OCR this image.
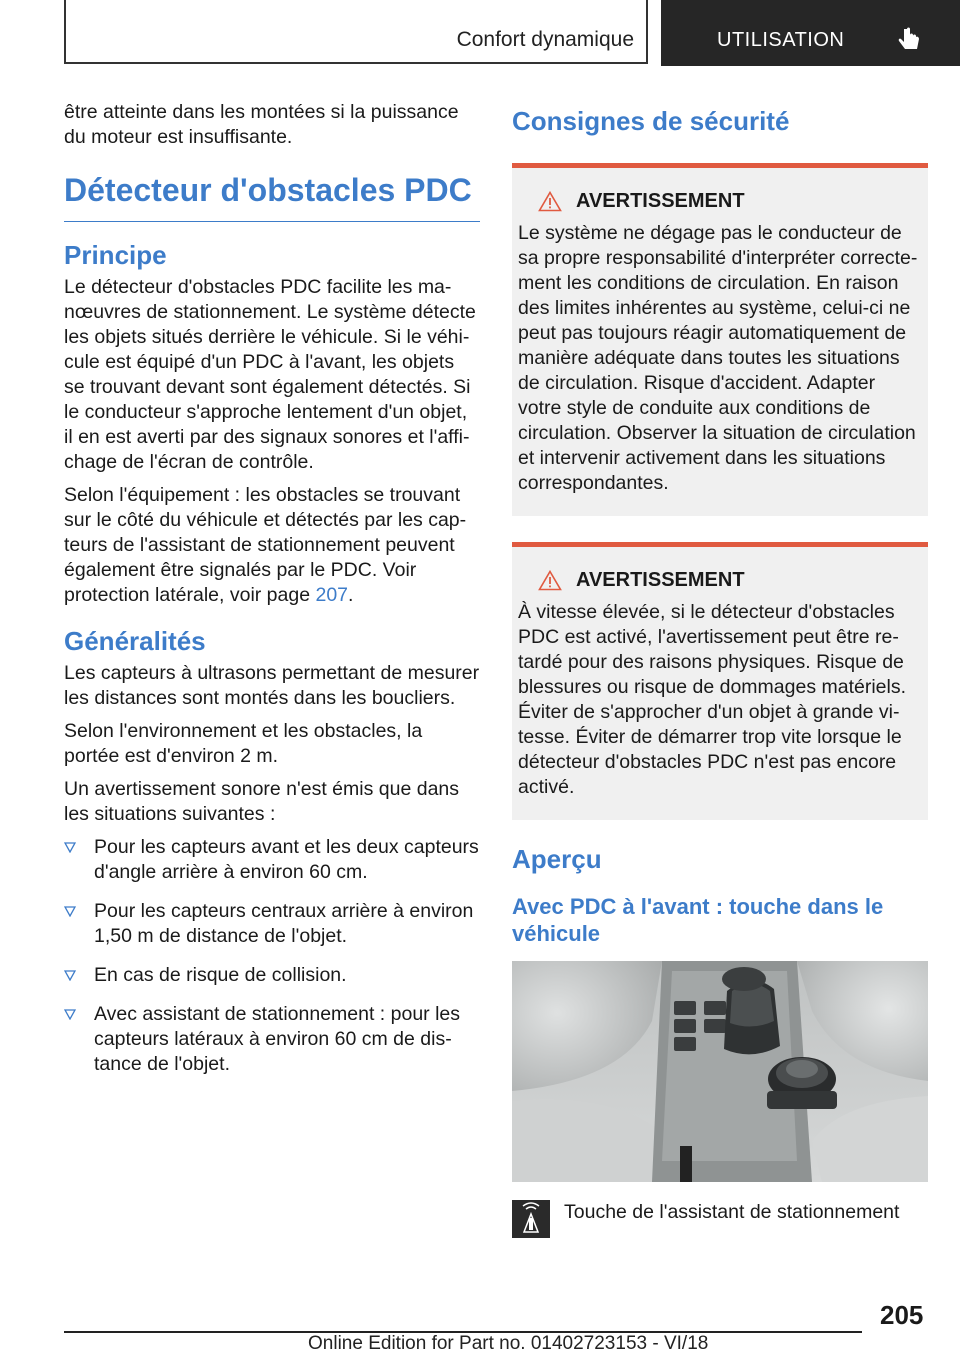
Confort dynamique	UTILISATION

être atteinte dans les montées si la puissance du moteur est insuffisante.

Détecteur d'obstacles PDC
Principe

Le détecteur d'obstacles PDC facilite les manœuvres de stationnement. Le système détecte les objets situés derrière le véhicule. Si le véhicule est équipé d'un PDC à l'avant, les objets se trouvant devant sont également détectés. Si le conducteur s'approche lentement d'un objet, il en est averti par des signaux sonores et l'affichage de l'écran de contrôle.

Selon l'équipement : les obstacles se trouvant sur le côté du véhicule et détectés par les capteurs de l'assistant de stationnement peuvent également être signalés par le PDC. Voir protection latérale, voir page 207.

Généralités

Les capteurs à ultrasons permettant de mesurer les distances sont montés dans les boucliers.

Selon l'environnement et les obstacles, la portée est d'environ 2 m.

Un avertissement sonore n'est émis que dans les situations suivantes :

Pour les capteurs avant et les deux capteurs d'angle arrière à environ 60 cm.
Pour les capteurs centraux arrière à environ 1,50 m de distance de l'objet.
En cas de risque de collision.
Avec assistant de stationnement : pour les capteurs latéraux à environ 60 cm de distance de l'objet.
Consignes de sécurité
AVERTISSEMENT

Le système ne dégage pas le conducteur de sa propre responsabilité d'interpréter correctement les conditions de circulation. En raison des limites inhérentes au système, celui-ci ne peut pas toujours réagir automatiquement de manière adéquate dans toutes les situations de circulation. Risque d'accident. Adapter votre style de conduite aux conditions de circulation. Observer la situation de circulation et intervenir activement dans les situations correspondantes.

AVERTISSEMENT

À vitesse élevée, si le détecteur d'obstacles PDC est activé, l'avertissement peut être retardé pour des raisons physiques. Risque de blessures ou risque de dommages matériels. Éviter de s'approcher d'un objet à grande vitesse. Éviter de démarrer trop vite lorsque le détecteur d'obstacles PDC n'est pas encore activé.

Aperçu
Avec PDC à l'avant : touche dans le véhicule
Touche de l'assistant de stationnement
205
Online Edition for Part no. 01402723153 - VI/18
